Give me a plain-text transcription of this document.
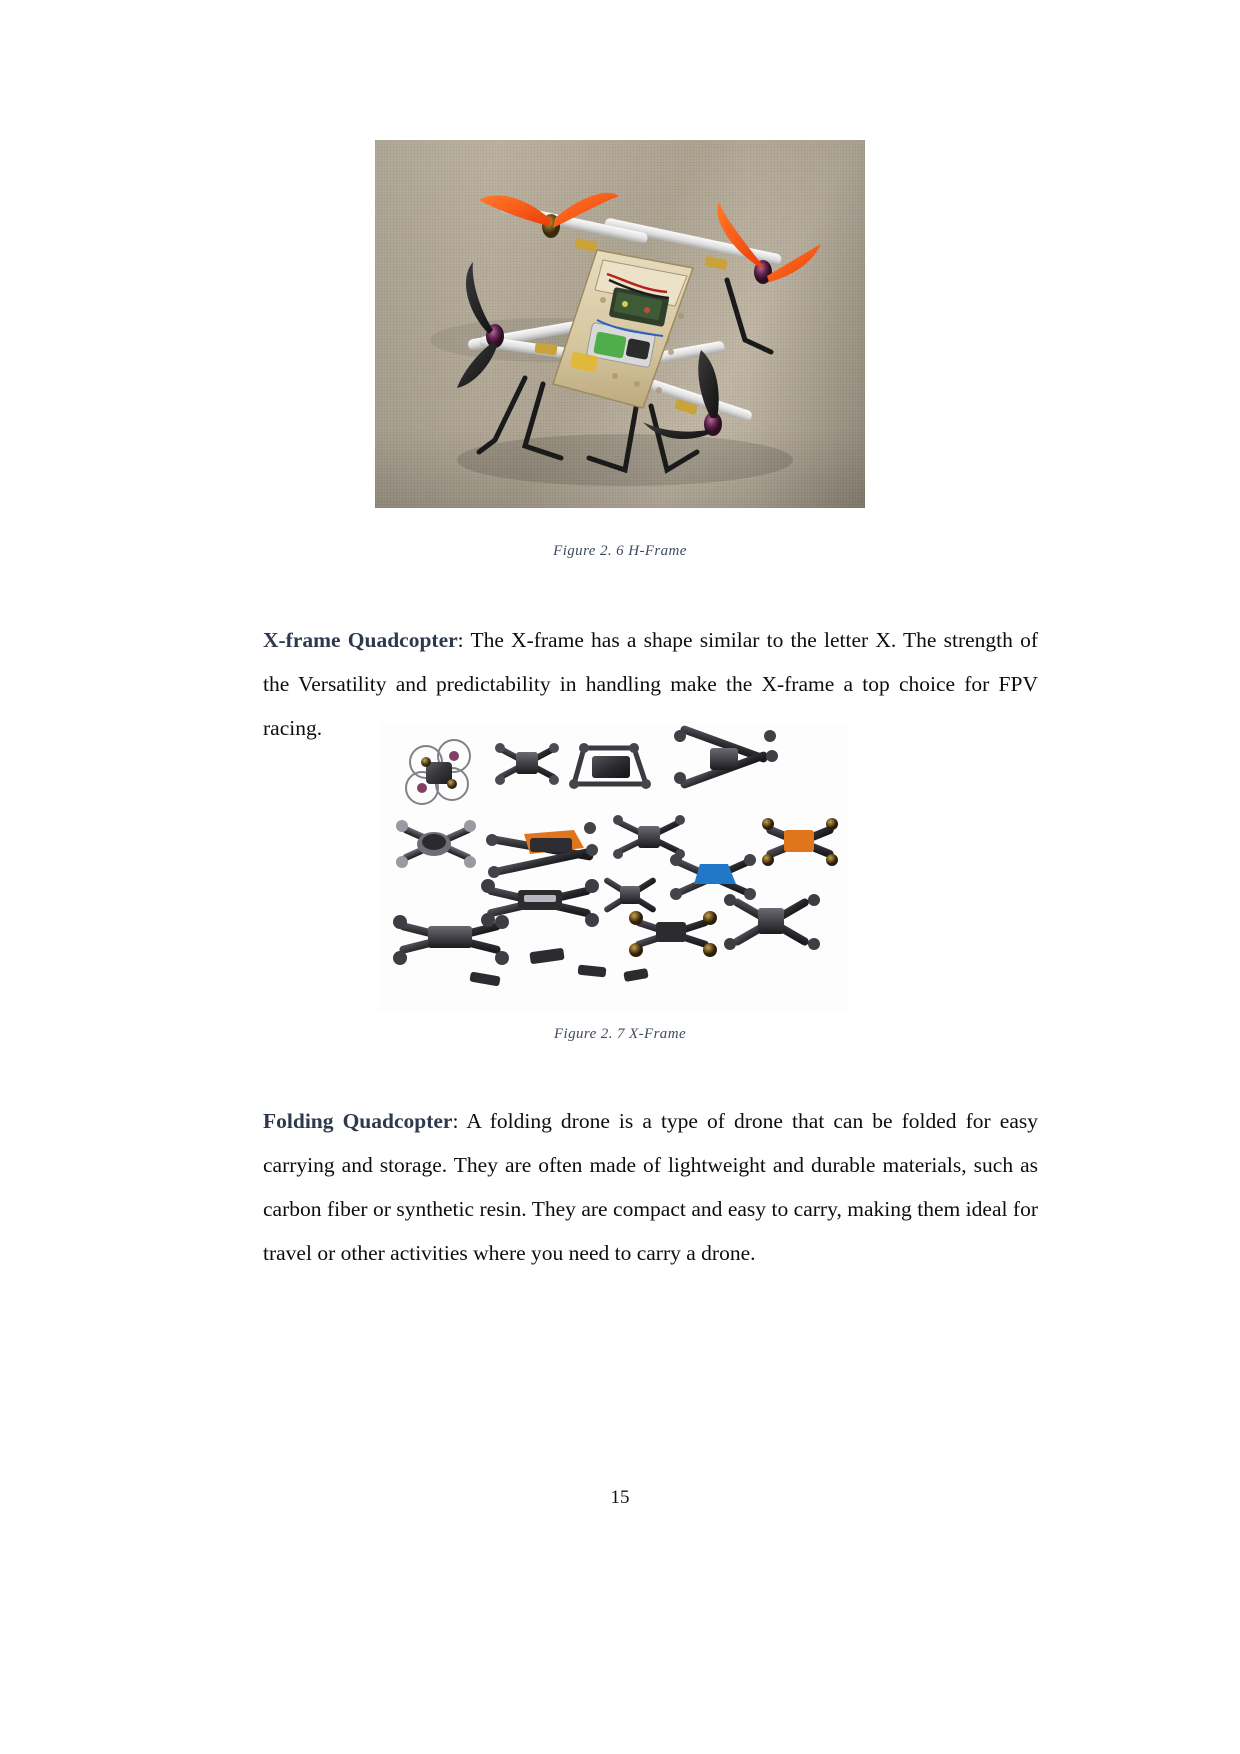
Figure 2. 6 H-Frame

X-frame Quadcopter: The X-frame has a shape similar to the letter X. The strength of the Versatility and predictability in handling make the X-frame a top choice for FPV racing.

Figure 2. 7 X-Frame

Folding Quadcopter: A folding drone is a type of drone that can be folded for easy carrying and storage. They are often made of lightweight and durable materials, such as carbon fiber or synthetic resin. They are compact and easy to carry, making them ideal for travel or other activities where you need to carry a drone.

15
